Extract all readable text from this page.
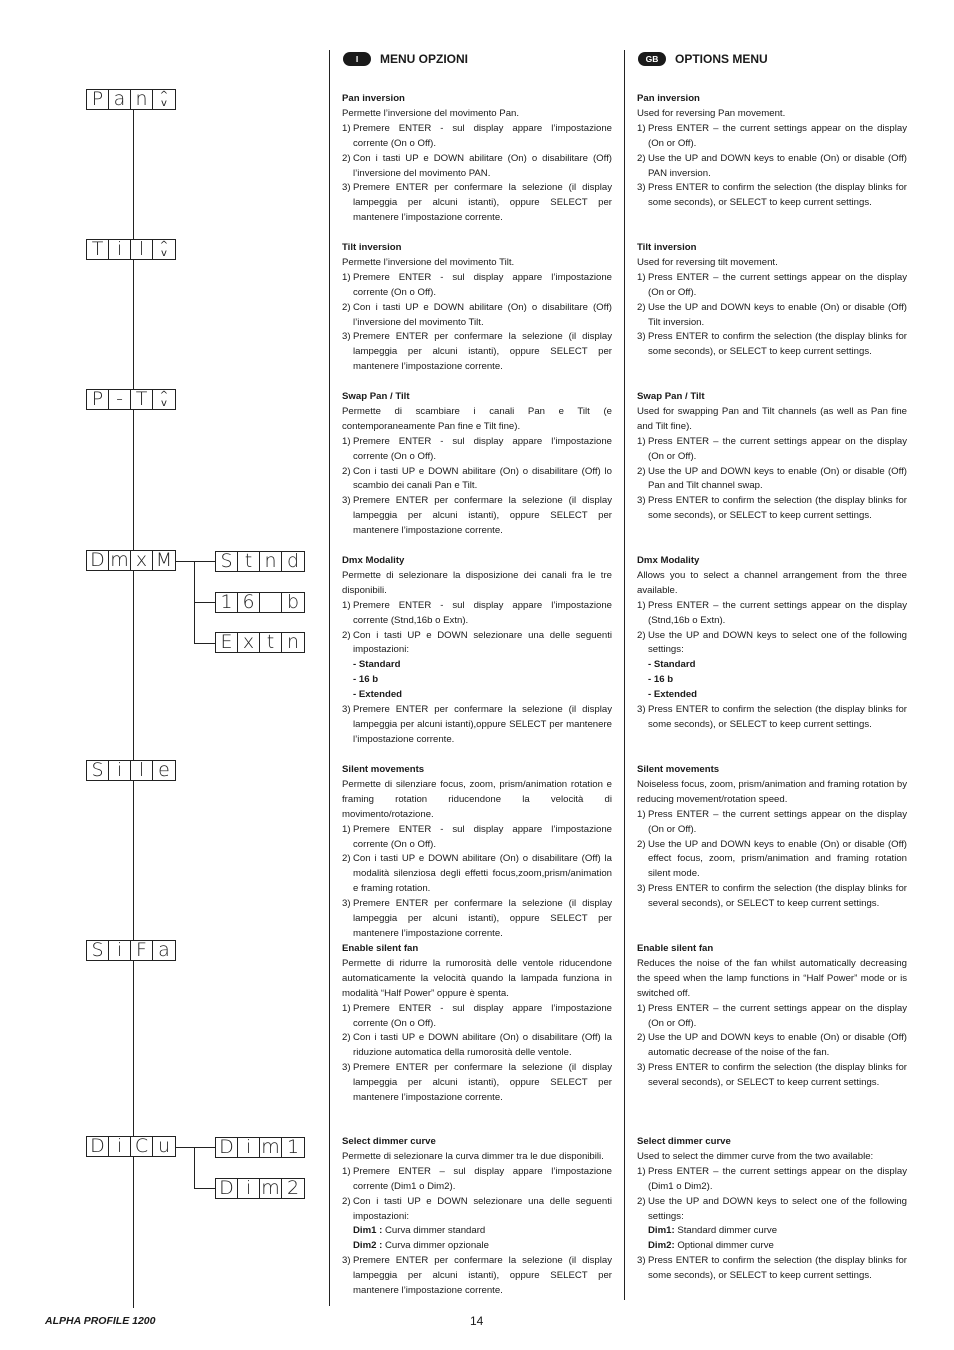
P a n	^
v
T i l	^
v
P - T	^
v
D m x M	S t n d
1 6 b
E x t n
S i l e
S i F a
D i C u	D i m 1
D i m 2
I	MENU OPZIONI	GB	OPTIONS MENU
Pan inversion
Permette l’inversione del movimento Pan.
1) Premere ENTER - sul display appare l’impostazione corrente (On o Off).
2) Con i tasti UP e DOWN abilitare (On) o disabilitare (Off) l’inversione del movimento PAN.
3) Premere ENTER per confermare la selezione (il display lampeggia per alcuni istanti), oppure SELECT per mantenere l’impostazione corrente.
Tilt inversion
Permette l’inversione del movimento Tilt.
1) Premere ENTER - sul display appare l’impostazione corrente (On o Off).
2) Con i tasti UP e DOWN abilitare (On) o disabilitare (Off) l’inversione del movimento Tilt.
3) Premere ENTER per confermare la selezione (il display lampeggia per alcuni istanti), oppure SELECT per mantenere l’impostazione corrente.
Swap Pan / Tilt
Permette di scambiare i canali Pan e Tilt (e contemporaneamente Pan fine e Tilt fine).
1) Premere ENTER - sul display appare l’impostazione corrente (On o Off).
2) Con i tasti UP e DOWN abilitare (On) o disabilitare (Off) lo scambio dei canali Pan e Tilt.
3) Premere ENTER per confermare la selezione (il display lampeggia per alcuni istanti), oppure SELECT per mantenere l’impostazione corrente.
Dmx Modality
Permette di selezionare la disposizione dei canali fra le tre disponibili.
1) Premere ENTER - sul display appare l’impostazione corrente (Stnd,16b o Extn).
2) Con i tasti UP e DOWN selezionare una delle seguenti impostazioni:
- Standard
- 16 b
- Extended
3) Premere ENTER per confermare la selezione (il display lampeggia per alcuni istanti),oppure SELECT per mantenere l’impostazione corrente.
Silent movements
Permette di silenziare focus, zoom, prism/animation rotation e framing rotation riducendone la velocità di movimento/rotazione.
1) Premere ENTER - sul display appare l’impostazione corrente (On o Off).
2) Con i tasti UP e DOWN abilitare (On) o disabilitare (Off) la modalità silenziosa degli effetti focus,zoom,prism/animation e framing rotation.
3) Premere ENTER per confermare la selezione (il display lampeggia per alcuni istanti), oppure SELECT per mantenere l’impostazione corrente.
Enable silent fan
Permette di ridurre la rumorosità delle ventole riducendone automaticamente la velocità quando la lampada funziona in modalità “Half Power” oppure è spenta.
1) Premere ENTER - sul display appare l’impostazione corrente (On o Off).
2) Con i tasti UP e DOWN abilitare (On) o disabilitare (Off) la riduzione automatica della rumorosità delle ventole.
3) Premere ENTER per confermare la selezione (il display lampeggia per alcuni istanti), oppure SELECT per mantenere l’impostazione corrente.
Select dimmer curve
Permette di selezionare la curva dimmer tra le due disponibili.
1) Premere ENTER – sul display appare l’impostazione corrente (Dim1 o Dim2).
2) Con i tasti UP e DOWN selezionare una delle seguenti impostazioni:
Dim1 : Curva dimmer standard
Dim2 : Curva dimmer opzionale
3) Premere ENTER per confermare la selezione (il display lampeggia per alcuni istanti), oppure SELECT per mantenere l’impostazione corrente.
Pan inversion
Used for reversing Pan movement.
1) Press ENTER – the current settings appear on the display (On or Off).
2) Use the UP and DOWN keys to enable (On) or disable (Off) PAN inversion.
3) Press ENTER to confirm the selection (the display blinks for some seconds), or SELECT to keep current settings.
Tilt inversion
Used for reversing tilt movement.
1) Press ENTER – the current settings appear on the display (On or Off).
2) Use the UP and DOWN keys to enable (On) or disable (Off) Tilt inversion.
3) Press ENTER to confirm the selection (the display blinks for some seconds), or SELECT to keep current settings.
Swap Pan / Tilt
Used for swapping Pan and Tilt channels (as well as Pan fine and Tilt fine).
1) Press ENTER – the current settings appear on the display (On or Off).
2) Use the UP and DOWN keys to enable (On) or disable (Off) Pan and Tilt channel swap.
3) Press ENTER to confirm the selection (the display blinks for some seconds), or SELECT to keep current settings.
Dmx Modality
Allows you to select a channel arrangement from the three available.
1) Press ENTER – the current settings appear on the display (Stnd,16b o Extn).
2) Use the UP and DOWN keys to select one of the following settings:
- Standard
- 16 b
- Extended
3) Press ENTER to confirm the selection (the display blinks for some seconds), or SELECT to keep current settings.
Silent movements
Noiseless focus, zoom, prism/animation and framing rotation by reducing movement/rotation speed.
1) Press ENTER – the current settings appear on the display (On or Off).
2) Use the UP and DOWN keys to enable (On) or disable (Off) effect focus, zoom, prism/animation and framing rotation silent mode.
3) Press ENTER to confirm the selection (the display blinks for several seconds), or SELECT to keep current settings.
Enable silent fan
Reduces the noise of the fan whilst automatically decreasing the speed when the lamp functions in “Half Power” mode or is switched off.
1) Press ENTER – the current settings appear on the display (On or Off).
2) Use the UP and DOWN keys to enable (On) or disable (Off) automatic decrease of the noise of the fan.
3) Press ENTER to confirm the selection (the display blinks for several seconds), or SELECT to keep current settings.
Select dimmer curve
Used to select the dimmer curve from the two available:
1) Press ENTER – the current settings appear on the display (Dim1 o Dim2).
2) Use the UP and DOWN keys to select one of the following settings:
Dim1: Standard dimmer curve
Dim2: Optional dimmer curve
3) Press ENTER to confirm the selection (the display blinks for some seconds), or SELECT to keep current settings.
ALPHA PROFILE 1200	14
